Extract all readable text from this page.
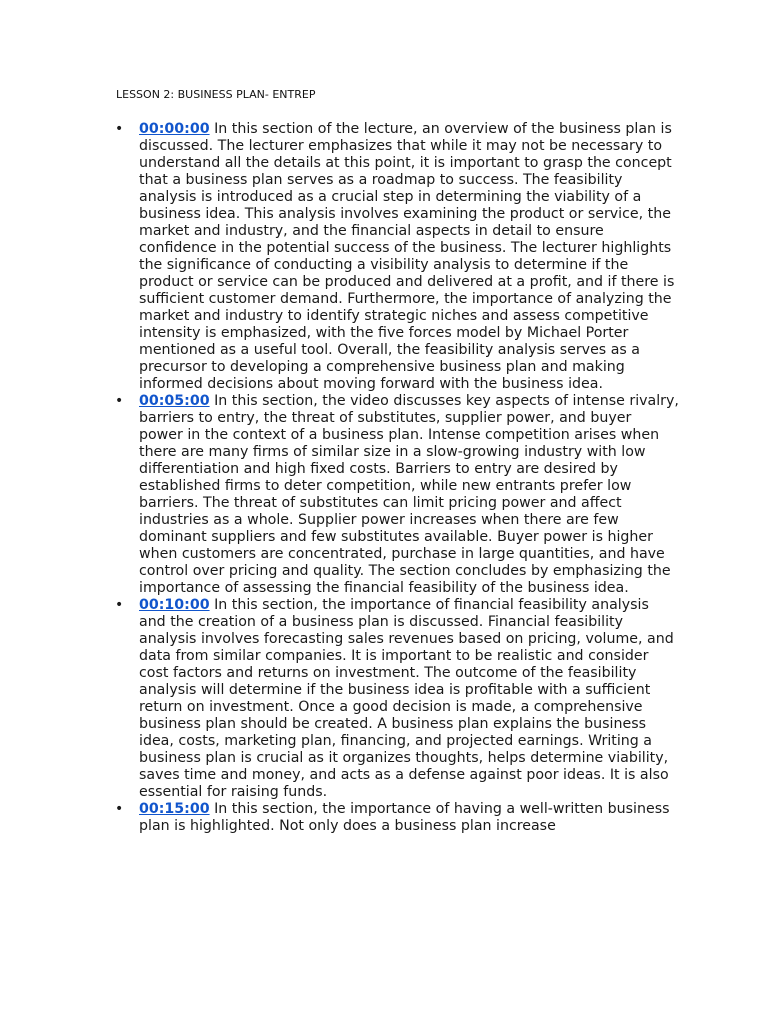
LESSON 2: BUSINESS PLAN- ENTREP
• 00:00:00 In this section of the lecture, an overview of the business plan is discussed. The lecturer emphasizes that while it may not be necessary to understand all the details at this point, it is important to grasp the concept that a business plan serves as a roadmap to success. The feasibility analysis is introduced as a crucial step in determining the viability of a business idea. This analysis involves examining the product or service, the market and industry, and the financial aspects in detail to ensure confidence in the potential success of the business. The lecturer highlights the significance of conducting a visibility analysis to determine if the product or service can be produced and delivered at a profit, and if there is sufficient customer demand. Furthermore, the importance of analyzing the market and industry to identify strategic niches and assess competitive intensity is emphasized, with the five forces model by Michael Porter mentioned as a useful tool. Overall, the feasibility analysis serves as a precursor to developing a comprehensive business plan and making informed decisions about moving forward with the business idea.
• 00:05:00 In this section, the video discusses key aspects of intense rivalry, barriers to entry, the threat of substitutes, supplier power, and buyer power in the context of a business plan. Intense competition arises when there are many firms of similar size in a slow-growing industry with low differentiation and high fixed costs. Barriers to entry are desired by established firms to deter competition, while new entrants prefer low barriers. The threat of substitutes can limit pricing power and affect industries as a whole. Supplier power increases when there are few dominant suppliers and few substitutes available. Buyer power is higher when customers are concentrated, purchase in large quantities, and have control over pricing and quality. The section concludes by emphasizing the importance of assessing the financial feasibility of the business idea.
• 00:10:00 In this section, the importance of financial feasibility analysis and the creation of a business plan is discussed. Financial feasibility analysis involves forecasting sales revenues based on pricing, volume, and data from similar companies. It is important to be realistic and consider cost factors and returns on investment. The outcome of the feasibility analysis will determine if the business idea is profitable with a sufficient return on investment. Once a good decision is made, a comprehensive business plan should be created. A business plan explains the business idea, costs, marketing plan, financing, and projected earnings. Writing a business plan is crucial as it organizes thoughts, helps determine viability, saves time and money, and acts as a defense against poor ideas. It is also essential for raising funds.
• 00:15:00 In this section, the importance of having a well-written business plan is highlighted. Not only does a business plan increase
